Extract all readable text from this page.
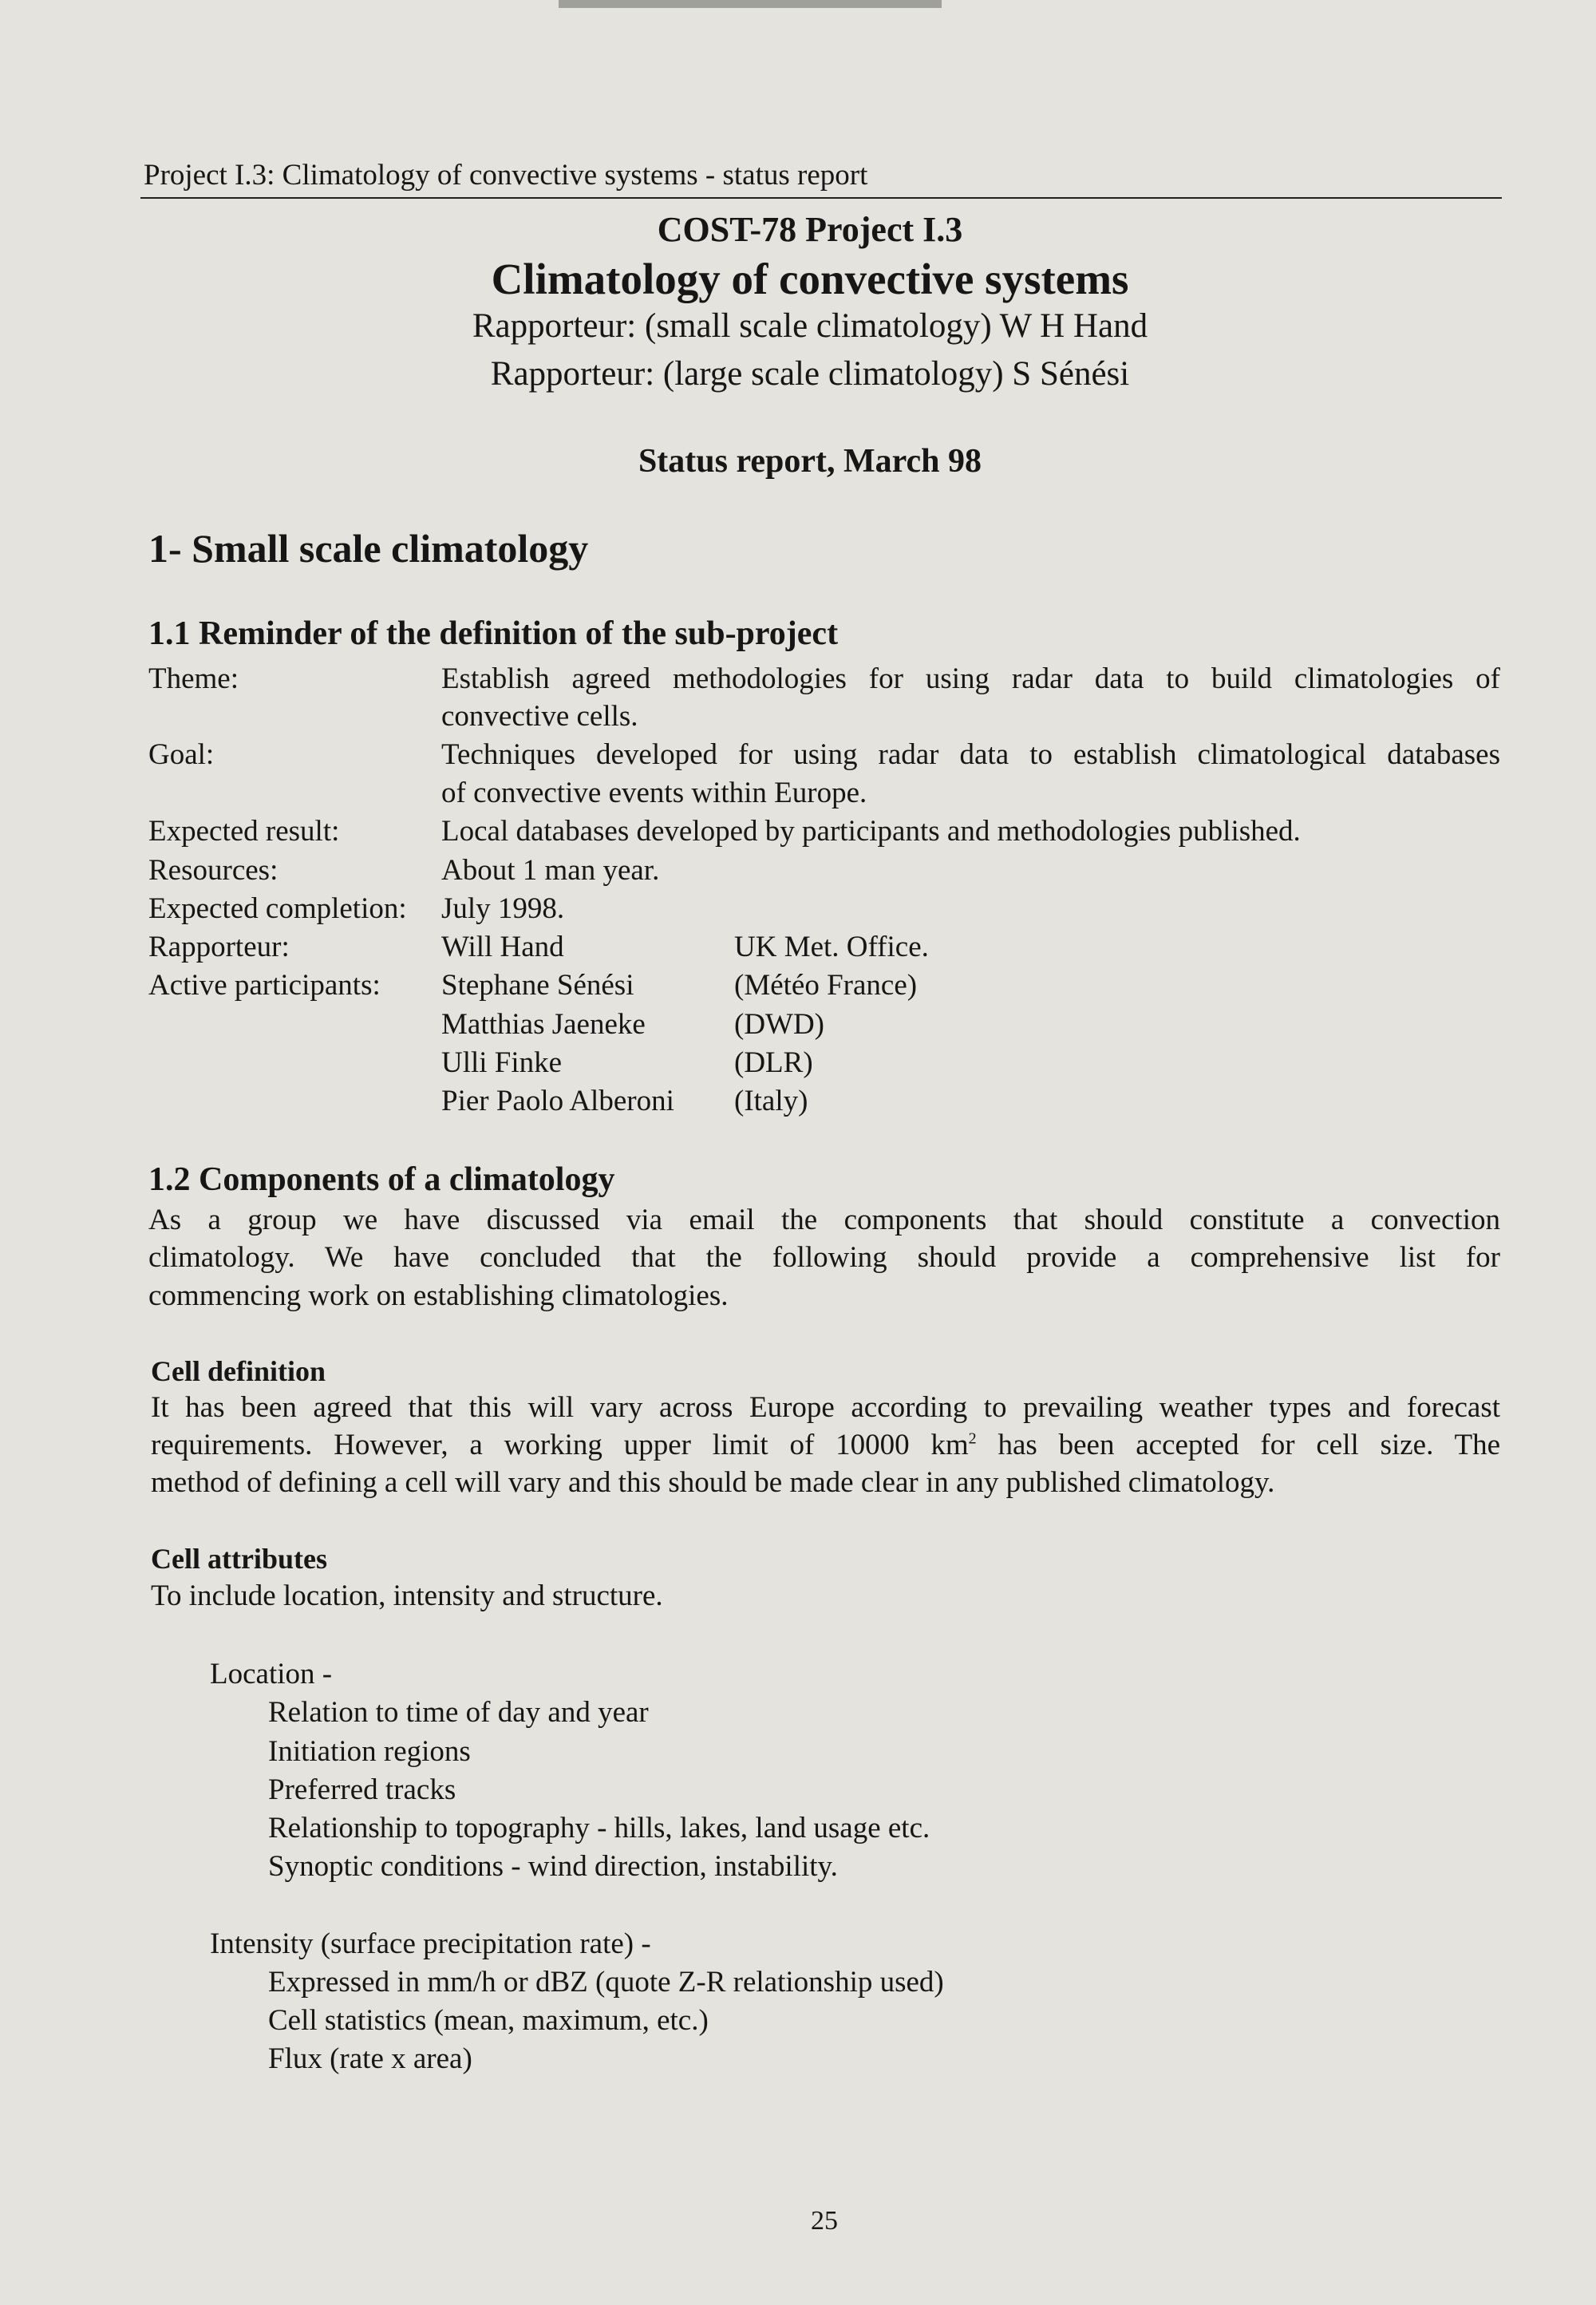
Project I.3: Climatology of convective systems - status report
COST-78 Project I.3
Climatology of convective systems
Rapporteur: (small scale climatology) W H Hand
Rapporteur: (large scale climatology) S Sénési
Status report, March 98
1- Small scale climatology
1.1 Reminder of the definition of the sub-project
Theme:	Establish agreed methodologies for using radar data to build climatologies of
convective cells.
Goal:	Techniques developed for using radar data to establish climatological databases
of convective events within Europe.
Expected result:	Local databases developed by participants and methodologies published.
Resources:	About 1 man year.
Expected completion: July 1998.
Rapporteur:	Will Hand	UK Met. Office.
Active participants: Stephane Sénési	(Météo France)
Matthias Jaeneke	(DWD)
Ulli Finke	(DLR)
Pier Paolo Alberoni (Italy)
1.2 Components of a climatology
As a group we have discussed via email the components that should constitute a convection
climatology. We have concluded that the following should provide a comprehensive list for
commencing work on establishing climatologies.
Cell definition
It has been agreed that this will vary across Europe according to prevailing weather types and forecast
requirements. However, a working upper limit of 10000 $km^2$ has been accepted for cell size. The
method of defining a cell will vary and this should be made clear in any published climatology.
Cell attributes
To include location, intensity and structure.
Location -
Relation to time of day and year
Initiation regions
Preferred tracks
Relationship to topography - hills, lakes, land usage etc.
Synoptic conditions - wind direction, instability.
Intensity (surface precipitation rate) -
Expressed in mm/h or dBZ (quote Z-R relationship used)
Cell statistics (mean, maximum, etc.)
Flux (rate x area)
25
